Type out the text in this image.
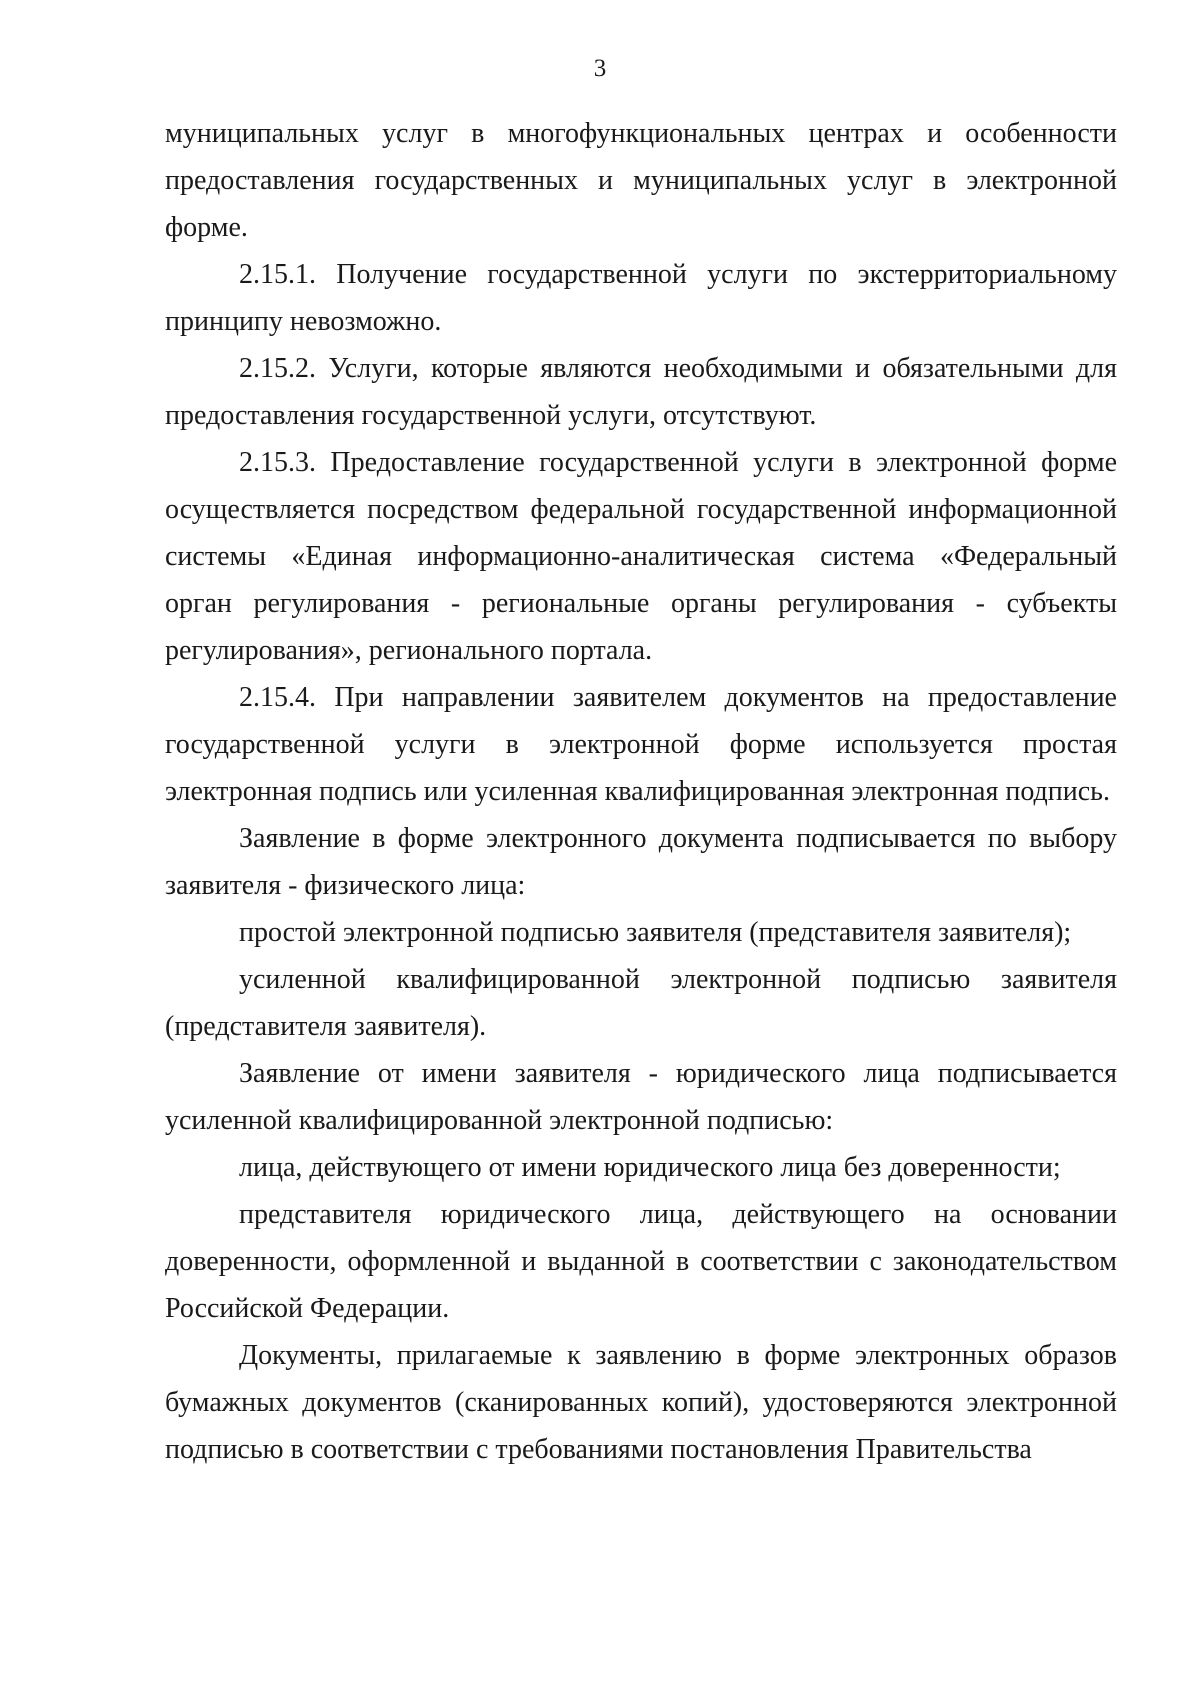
3

муниципальных услуг в многофункциональных центрах и особенности предоставления государственных и муниципальных услуг в электронной форме.

2.15.1. Получение государственной услуги по экстерриториальному принципу невозможно.

2.15.2. Услуги, которые являются необходимыми и обязательными для предоставления государственной услуги, отсутствуют.

2.15.3. Предоставление государственной услуги в электронной форме осуществляется посредством федеральной государственной информационной системы «Единая информационно-аналитическая система «Федеральный орган регулирования - региональные органы регулирования - субъекты регулирования», регионального портала.

2.15.4. При направлении заявителем документов на предоставление государственной услуги в электронной форме используется простая электронная подпись или усиленная квалифицированная электронная подпись.

Заявление в форме электронного документа подписывается по выбору заявителя - физического лица:

простой электронной подписью заявителя (представителя заявителя);

усиленной квалифицированной электронной подписью заявителя (представителя заявителя).

Заявление от имени заявителя - юридического лица подписывается усиленной квалифицированной электронной подписью:

лица, действующего от имени юридического лица без доверенности;

представителя юридического лица, действующего на основании доверенности, оформленной и выданной в соответствии с законодательством Российской Федерации.

Документы, прилагаемые к заявлению в форме электронных образов бумажных документов (сканированных копий), удостоверяются электронной подписью в соответствии с требованиями постановления Правительства
